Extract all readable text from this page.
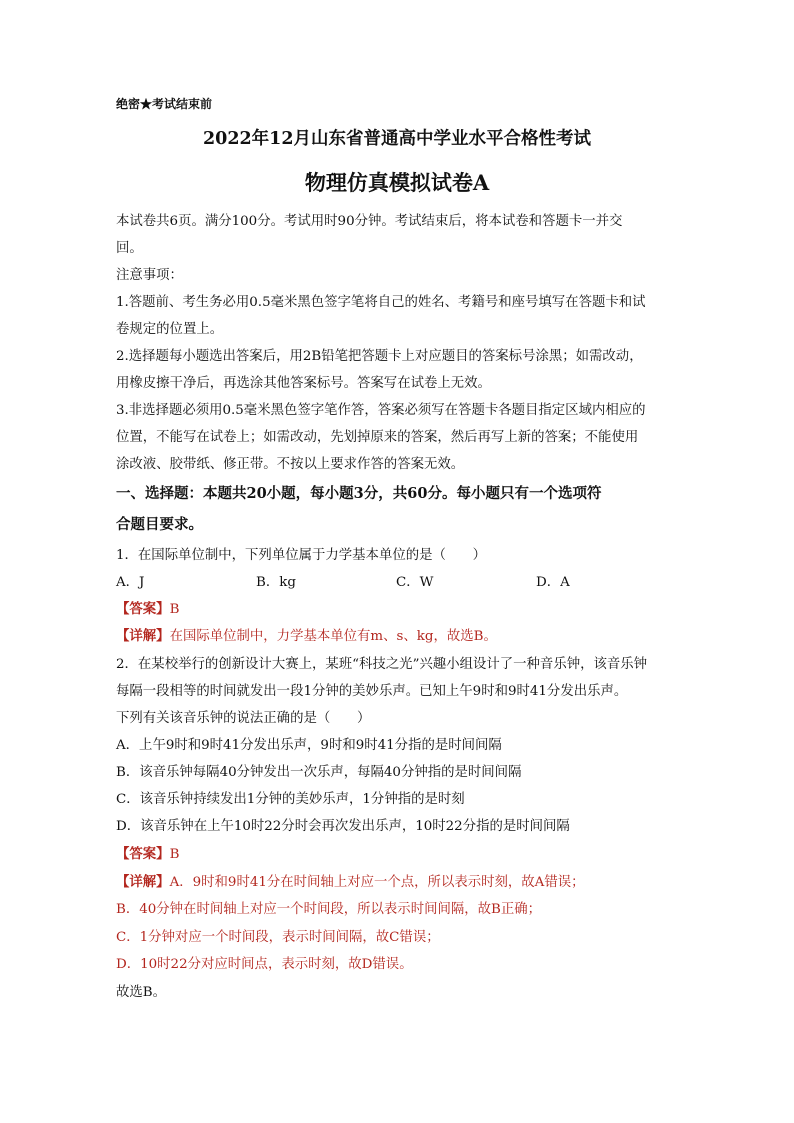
绝密★考试结束前
2022年12月山东省普通高中学业水平合格性考试
物理仿真模拟试卷A
本试卷共6页。满分100分。考试用时90分钟。考试结束后，将本试卷和答题卡一并交
回。
注意事项：
1.答题前、考生务必用0.5毫米黑色签字笔将自己的姓名、考籍号和座号填写在答题卡和试
卷规定的位置上。
2.选择题每小题选出答案后，用2B铅笔把答题卡上对应题目的答案标号涂黑；如需改动，
用橡皮擦干净后，再选涂其他答案标号。答案写在试卷上无效。
3.非选择题必须用0.5毫米黑色签字笔作答，答案必须写在答题卡各题目指定区域内相应的
位置，不能写在试卷上；如需改动，先划掉原来的答案，然后再写上新的答案；不能使用
涂改液、胶带纸、修正带。不按以上要求作答的答案无效。
一、选择题：本题共20小题，每小题3分，共60分。每小题只有一个选项符
合题目要求。
1．在国际单位制中，下列单位属于力学基本单位的是（　　）
A．J	B．kg	C．W	D．A
【答案】B
【详解】在国际单位制中，力学基本单位有m、s、kg，故选B。
2．在某校举行的创新设计大赛上，某班“科技之光”兴趣小组设计了一种音乐钟，该音乐钟
每隔一段相等的时间就发出一段1分钟的美妙乐声。已知上午9时和9时41分发出乐声。
下列有关该音乐钟的说法正确的是（　　）
A．上午9时和9时41分发出乐声，9时和9时41分指的是时间间隔
B．该音乐钟每隔40分钟发出一次乐声，每隔40分钟指的是时间间隔
C．该音乐钟持续发出1分钟的美妙乐声，1分钟指的是时刻
D．该音乐钟在上午10时22分时会再次发出乐声，10时22分指的是时间间隔
【答案】B
【详解】A．9时和9时41分在时间轴上对应一个点，所以表示时刻，故A错误；
B．40分钟在时间轴上对应一个时间段，所以表示时间间隔，故B正确；
C．1分钟对应一个时间段，表示时间间隔，故C错误；
D．10时22分对应时间点，表示时刻，故D错误。
故选B。
